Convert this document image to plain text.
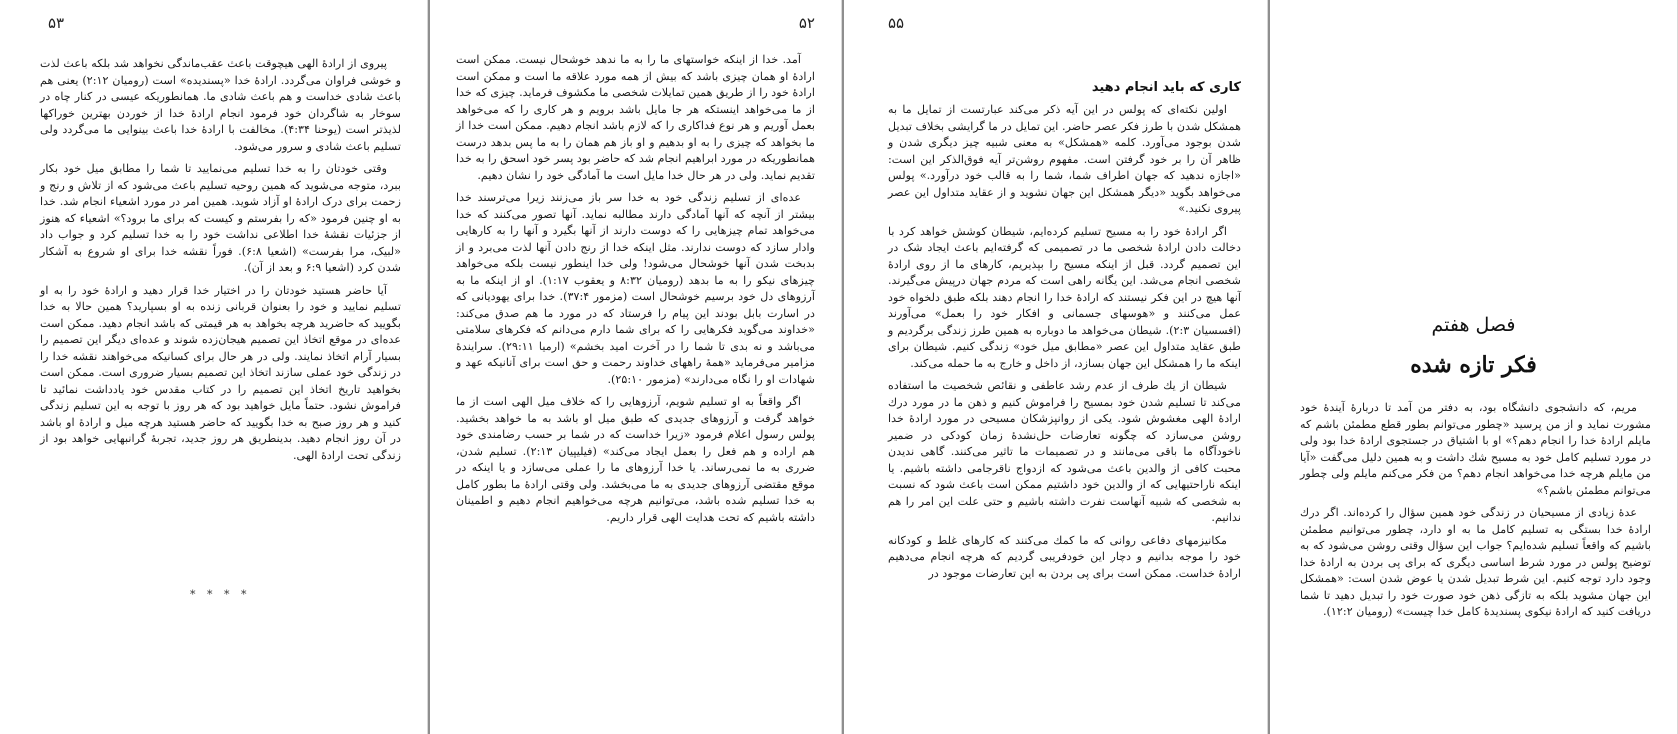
۵۳

پیروی از ارادهٔ الهی هیچوقت باعث عقب‌ماندگی نخواهد شد بلکه باعث لذت و خوشی فراوان می‌گردد. ارادهٔ خدا «پسندیده» است (رومیان ۲:۱۲) یعنی هم باعث شادی خداست و هم باعث شادی ما. همانطوریکه عیسی در کنار چاه در سوخار به شاگردان خود فرمود انجام ارادهٔ خدا از خوردن بهترین خوراکها لذیذتر است (یوحنا ۴:۳۴). مخالفت با ارادهٔ خدا باعث بینوایی ما می‌گردد ولی تسلیم باعث شادی و سرور می‌شود.

وقتی خودتان را به خدا تسلیم می‌نمایید تا شما را مطابق میل خود بکار ببرد، متوجه می‌شوید که همین روحیه تسلیم باعث می‌شود که از تلاش و رنج و زحمت برای درک ارادهٔ او آزاد شوید. همین امر در مورد اشعیاء انجام شد. خدا به او چنین فرمود «که را بفرستم و کیست که برای ما برود؟» اشعیاء که هنوز از جزئیات نقشهٔ خدا اطلاعی نداشت خود را به خدا تسلیم کرد و جواب داد «لبیک، مرا بفرست» (اشعیا ۶:۸). فوراً نقشه خدا برای او شروع به آشکار شدن کرد (اشعیا ۶:۹ و بعد از آن).

آیا حاضر هستید خودتان را در اختیار خدا قرار دهید و ارادهٔ خود را به او تسلیم نمایید و خود را بعنوان قربانی زنده به او بسپارید؟ همین حالا به خدا بگویید که حاضرید هرچه بخواهد به هر قیمتی که باشد انجام دهید. ممکن است عده‌ای در موقع اتخاذ این تصمیم هیجان‌زده شوند و عده‌ای دیگر این تصمیم را بسیار آرام اتخاذ نمایند. ولی در هر حال برای کسانیکه می‌خواهند نقشه خدا را در زندگی خود عملی سازند اتخاذ این تصمیم بسیار ضروری است. ممکن است بخواهید تاریخ اتخاذ این تصمیم را در کتاب مقدس خود یادداشت نمائید تا فراموش نشود. حتماً مایل خواهید بود که هر روز با توجه به این تسلیم زندگی کنید و هر روز صبح به خدا بگویید که حاضر هستید هرچه میل و ارادهٔ او باشد در آن روز انجام دهید. بدینطریق هر روز جدید، تجربهٔ گرانبهایی خواهد بود از زندگی تحت ارادهٔ الهی.

* * * *
۵۲

آمد. خدا از اینکه خواستهای ما را به ما ندهد خوشحال نیست. ممکن است ارادهٔ او همان چیزی باشد که بیش از همه مورد علاقه ما است و ممکن است ارادهٔ خود را از طریق همین تمایلات شخصی ما مکشوف فرماید. چیزی که خدا از ما می‌خواهد اینستکه هر جا مایل باشد برویم و هر کاری را که می‌خواهد بعمل آوریم و هر نوع فداکاری را که لازم باشد انجام دهیم. ممکن است خدا از ما بخواهد که چیزی را به او بدهیم و او باز هم همان را به ما پس بدهد درست همانطوریکه در مورد ابراهیم انجام شد که حاضر بود پسر خود اسحق را به خدا تقدیم نماید. ولی در هر حال خدا مایل است ما آمادگی خود را نشان دهیم.

عده‌ای از تسلیم زندگی خود به خدا سر باز می‌زنند زیرا می‌ترسند خدا بیشتر از آنچه که آنها آمادگی دارند مطالبه نماید. آنها تصور می‌کنند که خدا می‌خواهد تمام چیزهایی را که دوست دارند از آنها بگیرد و آنها را به کارهایی وادار سازد که دوست ندارند. مثل اینکه خدا از رنج دادن آنها لذت می‌برد و از بدبخت شدن آنها خوشحال می‌شود! ولی خدا اینطور نیست بلکه می‌خواهد چیزهای نیکو را به ما بدهد (رومیان ۸:۳۲ و یعقوب ۱:۱۷). او از اینکه ما به آرزوهای دل خود برسیم خوشحال است (مزمور ۳۷:۴). خدا برای یهودیانی که در اسارت بابل بودند این پیام را فرستاد که در مورد ما هم صدق می‌کند: «خداوند می‌گوید فکرهایی را که برای شما دارم می‌دانم که فکرهای سلامتی می‌باشد و نه بدی تا شما را در آخرت امید بخشم» (ارمیا ۲۹:۱۱). سرایندهٔ مزامیر می‌فرماید «همهٔ راههای خداوند رحمت و حق است برای آنانیکه عهد و شهادات او را نگاه می‌دارند» (مزمور ۲۵:۱۰).

اگر واقعاً به او تسلیم شویم، آرزوهایی را که خلاف میل الهی است از ما خواهد گرفت و آرزوهای جدیدی که طبق میل او باشد به ما خواهد بخشید. پولس رسول اعلام فرمود «زیرا خداست که در شما بر حسب رضامندی خود هم اراده و هم فعل را بعمل ایجاد می‌کند» (فیلیپیان ۲:۱۳). تسلیم شدن، ضرری به ما نمی‌رساند. یا خدا آرزوهای ما را عملی می‌سازد و یا اینکه در موقع مقتضی آرزوهای جدیدی به ما می‌بخشد. ولی وقتی ارادهٔ ما بطور کامل به خدا تسلیم شده باشد، می‌توانیم هرچه می‌خواهیم انجام دهیم و اطمینان داشته باشیم که تحت هدایت الهی قرار داریم.

۵۵
کاری که باید انجام دهید

اولین نکته‌ای که پولس در این آیه ذکر می‌کند عبارتست از تمایل ما به همشکل شدن با طرز فکر عصر حاضر. این تمایل در ما گرایشی بخلاف تبدیل شدن بوجود می‌آورد. کلمه «همشکل» به معنی شبیه چیز دیگری شدن و ظاهر آن را بر خود گرفتن است. مفهوم روشن‌تر آیه فوق‌الذکر این است: «اجازه ندهید که جهان اطراف شما، شما را به قالب خود درآورد.» پولس می‌خواهد بگوید «دیگر همشکل این جهان نشوید و از عقاید متداول این عصر پیروی نکنید.»

اگر ارادهٔ خود را به مسیح تسلیم کرده‌ایم، شیطان کوشش خواهد کرد با دخالت دادن ارادهٔ شخصی ما در تصمیمی که گرفته‌ایم باعث ایجاد شک در این تصمیم گردد. قبل از اینکه مسیح را بپذیریم، کارهای ما از روی ارادهٔ شخصی انجام می‌شد. این یگانه راهی است که مردم جهان درپیش می‌گیرند. آنها هیچ در این فکر نیستند که ارادهٔ خدا را انجام دهند بلکه طبق دلخواه خود عمل می‌کنند و «هوسهای جسمانی و افکار خود را بعمل» می‌آورند (افسسیان ۲:۳). شیطان می‌خواهد ما دوباره به همین طرز زندگی برگردیم و طبق عقاید متداول این عصر «مطابق میل خود» زندگی کنیم. شیطان برای اینکه ما را همشکل این جهان بسازد، از داخل و خارج به ما حمله می‌کند.

شیطان از یك طرف از عدم رشد عاطفی و نقائص شخصیت ما استفاده می‌کند تا تسلیم شدن خود بمسیح را فراموش کنیم و ذهن ما در مورد درك ارادهٔ الهی مغشوش شود. یکی از روانپزشکان مسیحی در مورد ارادهٔ خدا روشن می‌سازد که چگونه تعارضات حل‌نشدهٔ زمان کودکی در ضمیر ناخودآگاه ما باقی می‌مانند و در تصمیمات ما تاثیر می‌کنند. گاهی ندیدن محبت کافی از والدین باعث می‌شود که ازدواج ناقرجامی داشته باشیم. یا اینکه ناراحتیهایی که از والدین خود داشتیم ممکن است باعث شود که نسبت به شخصی که شبیه آنهاست نفرت داشته باشیم و حتی علت این امر را هم ندانیم.

مکانیزمهای دفاعی روانی که ما کمك می‌کنند که کارهای غلط و کودکانه خود را موجه بدانیم و دچار این خودفریبی گردیم که هرچه انجام می‌دهیم ارادهٔ خداست. ممکن است برای پی بردن به این تعارضات موجود در

فصل هفتم
فکر تازه شده

مریم، که دانشجوی دانشگاه بود، به دفتر من آمد تا دربارهٔ آیندهٔ خود مشورت نماید و از من پرسید «چطور می‌توانم بطور قطع مطمئن باشم که مایلم ارادهٔ خدا را انجام دهم؟» او با اشتیاق در جستجوی ارادهٔ خدا بود ولی در مورد تسلیم کامل خود به مسیح شك داشت و به همین دلیل می‌گفت «آیا من مایلم هرچه خدا می‌خواهد انجام دهم؟ من فکر می‌کنم مایلم ولی چطور می‌توانم مطمئن باشم؟»

عدهٔ زیادی از مسیحیان در زندگی خود همین سؤال را کرده‌اند. اگر درك ارادهٔ خدا بستگی به تسلیم کامل ما به او دارد، چطور می‌توانیم مطمئن باشیم که واقعاً تسلیم شده‌ایم؟ جواب این سؤال وقتی روشن می‌شود که به توضیح پولس در مورد شرط اساسی دیگری که برای پی بردن به ارادهٔ خدا وجود دارد توجه کنیم. این شرط تبدیل شدن یا عوض شدن است: «همشکل این جهان مشوید بلکه به تازگی ذهن خود صورت خود را تبدیل دهید تا شما دریافت کنید که ارادهٔ نیکوی پسندیدهٔ کامل خدا چیست» (رومیان ۱۲:۲).
